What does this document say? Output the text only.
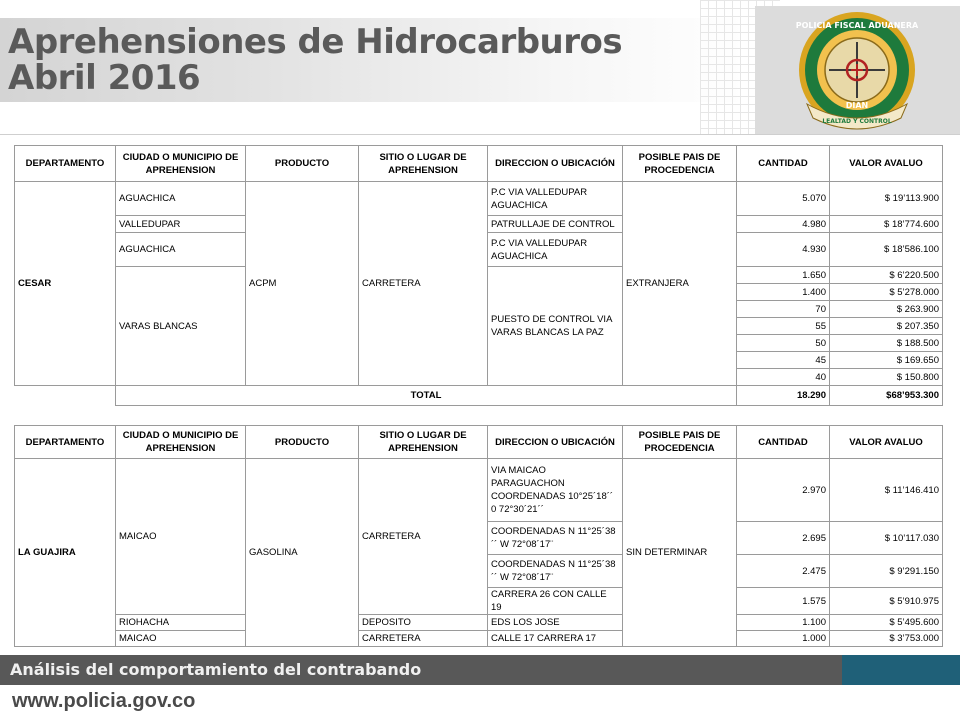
Aprehensiones de Hidrocarburos
Abril 2016
POLICIA FISCAL ADUANERA
DIAN
LEALTAD Y CONTROL
DEPARTAMENTO	CIUDAD O MUNICIPIO DE APREHENSION	PRODUCTO	SITIO O LUGAR DE APREHENSION	DIRECCION O UBICACIÓN	POSIBLE PAIS DE PROCEDENCIA	CANTIDAD	VALOR AVALUO
CESAR	AGUACHICA	ACPM	CARRETERA	P.C VIA VALLEDUPAR AGUACHICA	EXTRANJERA	5.070	$ 19’113.900
	VALLEDUPAR			PATRULLAJE DE CONTROL		4.980	$ 18’774.600
	AGUACHICA			P.C VIA VALLEDUPAR AGUACHICA		4.930	$ 18’586.100
	VARAS BLANCAS			PUESTO DE CONTROL VIA VARAS BLANCAS LA PAZ		1.650	$ 6’220.500
						1.400	$ 5’278.000
						70	$ 263.900
						55	$ 207.350
						50	$ 188.500
						45	$ 169.650
						40	$ 150.800
	TOTAL					18.290	$68’953.300
DEPARTAMENTO	CIUDAD O MUNICIPIO DE APREHENSION	PRODUCTO	SITIO O LUGAR DE APREHENSION	DIRECCION O UBICACIÓN	POSIBLE PAIS DE PROCEDENCIA	CANTIDAD	VALOR AVALUO
LA GUAJIRA	MAICAO	GASOLINA	CARRETERA	VIA MAICAO PARAGUACHON COORDENADAS 10°25´18´´ 0 72°30´21´´	SIN DETERMINAR	2.970	$ 11’146.410
				COORDENADAS N 11°25´38´´ W 72°08´17¨		2.695	$ 10’117.030
				COORDENADAS N 11°25´38´´ W 72°08´17¨		2.475	$ 9’291.150
				CARRERA 26 CON CALLE 19		1.575	$ 5’910.975
	RIOHACHA		DEPOSITO	EDS LOS JOSE		1.100	$ 5’495.600
	MAICAO		CARRETERA	CALLE 17 CARRERA 17		1.000	$ 3’753.000
Análisis del comportamiento del contrabando
www.policia.gov.co
